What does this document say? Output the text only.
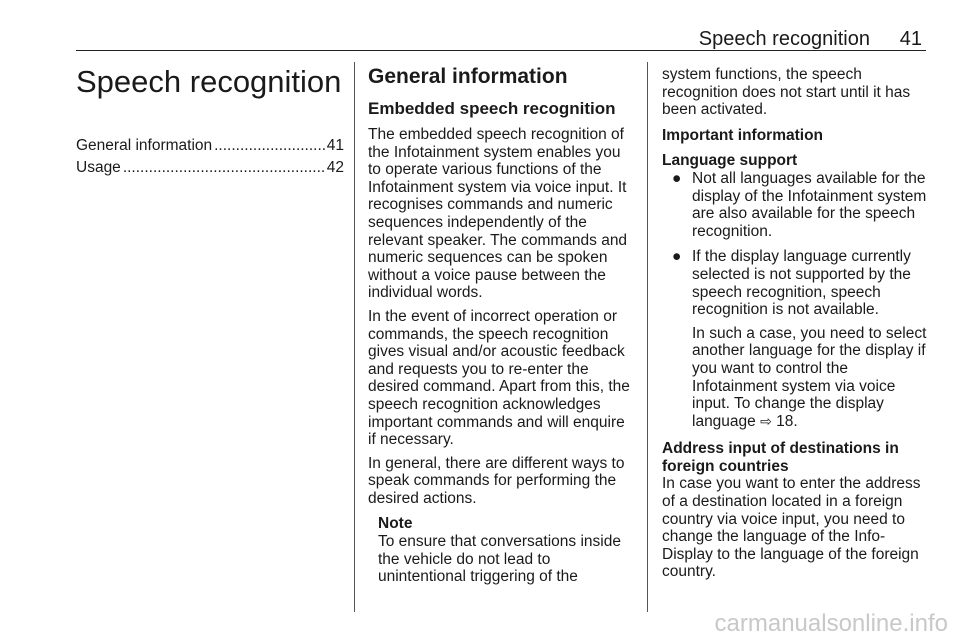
Speech recognition 41
Speech recognition
General information .....	41
Usage .....	42
General information
Embedded speech recognition

The embedded speech recognition of the Infotainment system enables you to operate various functions of the Infotainment system via voice input. It recognises commands and numeric sequences independently of the relevant speaker. The commands and numeric sequences can be spoken without a voice pause between the individual words.

In the event of incorrect operation or commands, the speech recognition gives visual and/or acoustic feedback and requests you to re-enter the desired command. Apart from this, the speech recognition acknowledges important commands and will enquire if necessary.

In general, there are different ways to speak commands for performing the desired actions.

Note
To ensure that conversations inside the vehicle do not lead to unintentional triggering of the

system functions, the speech recognition does not start until it has been activated.

Important information
Language support
● Not all languages available for the display of the Infotainment system are also available for the speech recognition.
● If the display language currently selected is not supported by the speech recognition, speech recognition is not available.

In such a case, you need to select another language for the display if you want to control the Infotainment system via voice input. To change the display language ⇨ 18.

Address input of destinations in foreign countries

In case you want to enter the address of a destination located in a foreign country via voice input, you need to change the language of the Info-Display to the language of the foreign country.

carmanualsonline.info
